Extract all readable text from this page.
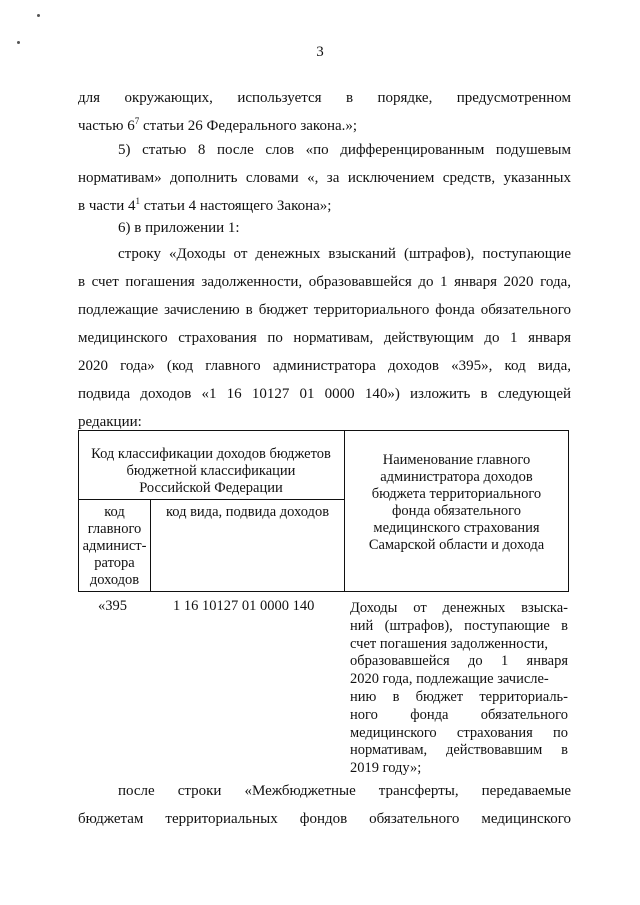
3
для окружающих, используется в порядке, предусмотренном
частью $6^7$ статьи 26 Федерального закона.»;
5) статью 8 после слов «по дифференцированным подушевым
нормативам» дополнить словами «, за исключением средств, указанных
в части $4^1$ статьи 4 настоящего Закона»;
6) в приложении 1:
строку «Доходы от денежных взысканий (штрафов), поступающие
в счет погашения задолженности, образовавшейся до 1 января 2020 года,
подлежащие зачислению в бюджет территориального фонда обязательного
медицинского страхования по нормативам, действующим до 1 января
2020 года» (код главного администратора доходов «395», код вида,
подвида доходов «1 16 10127 01 0000 140») изложить в следующей
редакции:
Код классификации доходов бюджетов
бюджетной классификации
Российской Федерации
код
главного
админист-
ратора
доходов
код вида, подвида доходов
Наименование главного
администратора доходов
бюджета территориального
фонда обязательного
медицинского страхования
Самарской области и дохода
«395	1 16 10127 01 0000 140 Доходы от денежных взыска-
ний (штрафов), поступающие в
счет погашения задолженности,
образовавшейся до 1 января
2020 года, подлежащие зачисле-
нию в бюджет территориаль-
ного фонда обязательного
медицинского страхования по
нормативам, действовавшим в
2019 году»;
после строки «Межбюджетные трансферты, передаваемые
бюджетам территориальных фондов обязательного медицинского
